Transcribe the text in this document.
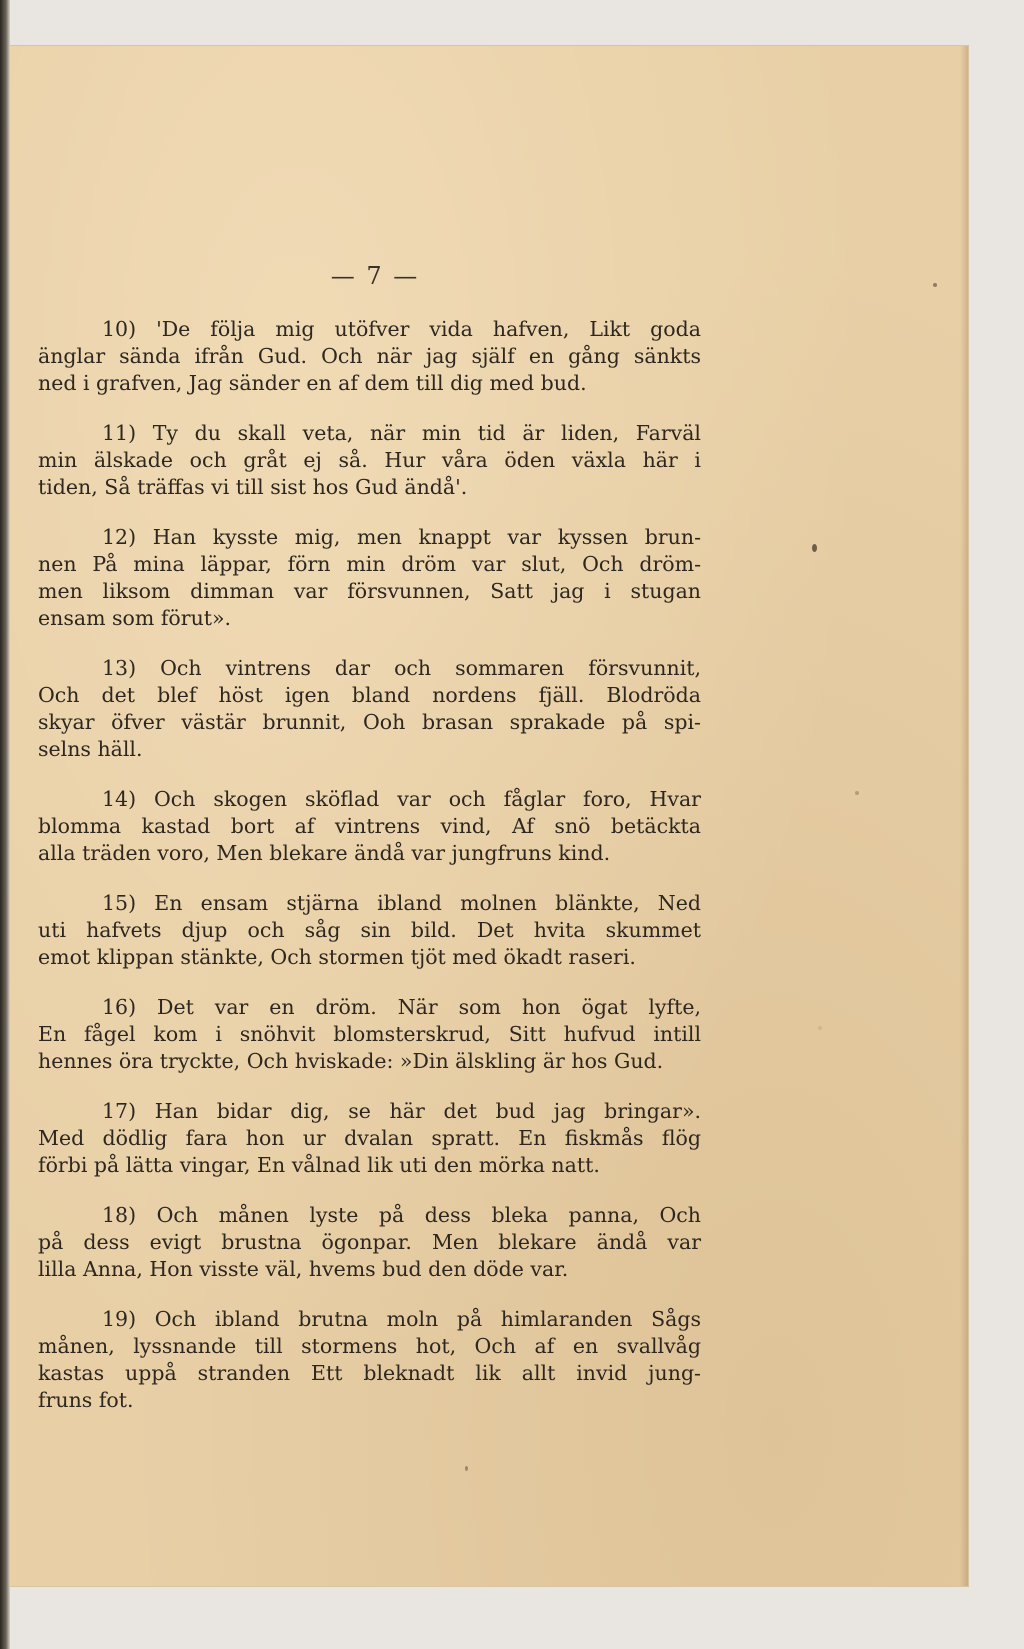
— 7 —
10) 'De följa mig utöfver vida hafven, Likt goda
änglar sända ifrån Gud. Och när jag själf en gång sänkts
ned i grafven, Jag sänder en af dem till dig med bud.
11) Ty du skall veta, när min tid är liden, Farväl
min älskade och gråt ej så. Hur våra öden växla här i
tiden, Så träffas vi till sist hos Gud ändå'.
12) Han kysste mig, men knappt var kyssen brun-
nen På mina läppar, förn min dröm var slut, Och dröm-
men liksom dimman var försvunnen, Satt jag i stugan
ensam som förut».
13) Och vintrens dar och sommaren försvunnit,
Och det blef höst igen bland nordens fjäll. Blodröda
skyar öfver västär brunnit, Ooh brasan sprakade på spi-
selns häll.
14) Och skogen sköflad var och fåglar foro, Hvar
blomma kastad bort af vintrens vind, Af snö betäckta
alla träden voro, Men blekare ändå var jungfruns kind.
15) En ensam stjärna ibland molnen blänkte, Ned
uti hafvets djup och såg sin bild. Det hvita skummet
emot klippan stänkte, Och stormen tjöt med ökadt raseri.
16) Det var en dröm. När som hon ögat lyfte,
En fågel kom i snöhvit blomsterskrud, Sitt hufvud intill
hennes öra tryckte, Och hviskade: »Din älskling är hos Gud.
17) Han bidar dig, se här det bud jag bringar».
Med dödlig fara hon ur dvalan spratt. En fiskmås flög
förbi på lätta vingar, En vålnad lik uti den mörka natt.
18) Och månen lyste på dess bleka panna, Och
på dess evigt brustna ögonpar. Men blekare ändå var
lilla Anna, Hon visste väl, hvems bud den döde var.
19) Och ibland brutna moln på himlaranden Sågs
månen, lyssnande till stormens hot, Och af en svallvåg
kastas uppå stranden Ett bleknadt lik allt invid jung-
fruns fot.
